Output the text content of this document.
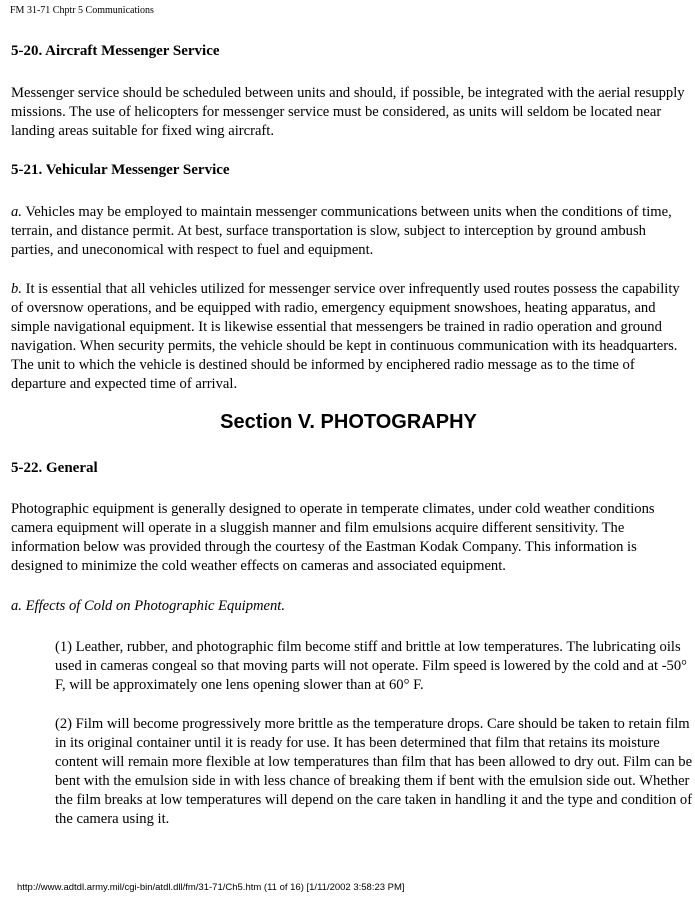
FM 31-71 Chptr 5 Communications
5-20. Aircraft Messenger Service
Messenger service should be scheduled between units and should, if possible, be integrated with the aerial resupply missions. The use of helicopters for messenger service must be considered, as units will seldom be located near landing areas suitable for fixed wing aircraft.
5-21. Vehicular Messenger Service
a. Vehicles may be employed to maintain messenger communications between units when the conditions of time, terrain, and distance permit. At best, surface transportation is slow, subject to interception by ground ambush parties, and uneconomical with respect to fuel and equipment.
b. It is essential that all vehicles utilized for messenger service over infrequently used routes possess the capability of oversnow operations, and be equipped with radio, emergency equipment snowshoes, heating apparatus, and simple navigational equipment. It is likewise essential that messengers be trained in radio operation and ground navigation. When security permits, the vehicle should be kept in continuous communication with its headquarters. The unit to which the vehicle is destined should be informed by enciphered radio message as to the time of departure and expected time of arrival.
Section V. PHOTOGRAPHY
5-22. General
Photographic equipment is generally designed to operate in temperate climates, under cold weather conditions camera equipment will operate in a sluggish manner and film emulsions acquire different sensitivity. The information below was provided through the courtesy of the Eastman Kodak Company. This information is designed to minimize the cold weather effects on cameras and associated equipment.
a. Effects of Cold on Photographic Equipment.
(1) Leather, rubber, and photographic film become stiff and brittle at low temperatures. The lubricating oils used in cameras congeal so that moving parts will not operate. Film speed is lowered by the cold and at -50° F, will be approximately one lens opening slower than at 60° F.
(2) Film will become progressively more brittle as the temperature drops. Care should be taken to retain film in its original container until it is ready for use. It has been determined that film that retains its moisture content will remain more flexible at low temperatures than film that has been allowed to dry out. Film can be bent with the emulsion side in with less chance of breaking them if bent with the emulsion side out. Whether the film breaks at low temperatures will depend on the care taken in handling it and the type and condition of the camera using it.
http://www.adtdl.army.mil/cgi-bin/atdl.dll/fm/31-71/Ch5.htm (11 of 16) [1/11/2002 3:58:23 PM]
